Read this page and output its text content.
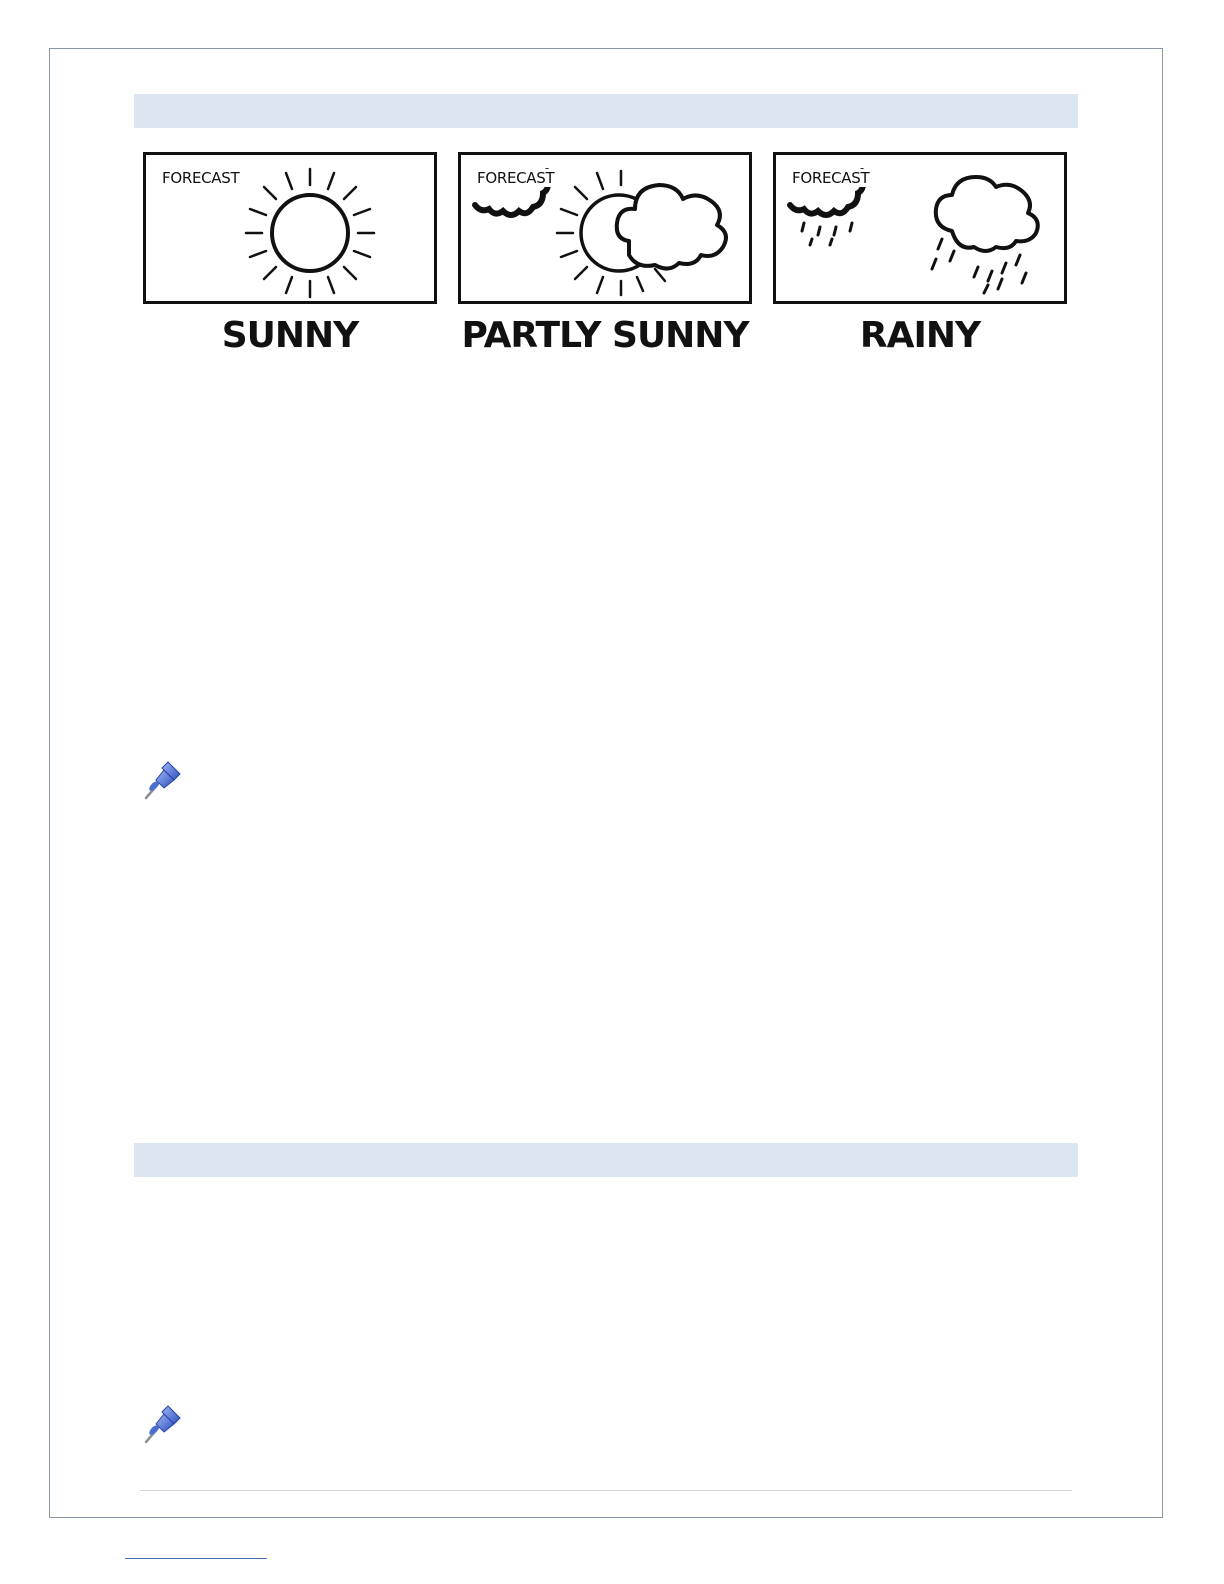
FORECAST
SUNNY
FORECAST
PARTLY SUNNY
FORECAST
RAINY
